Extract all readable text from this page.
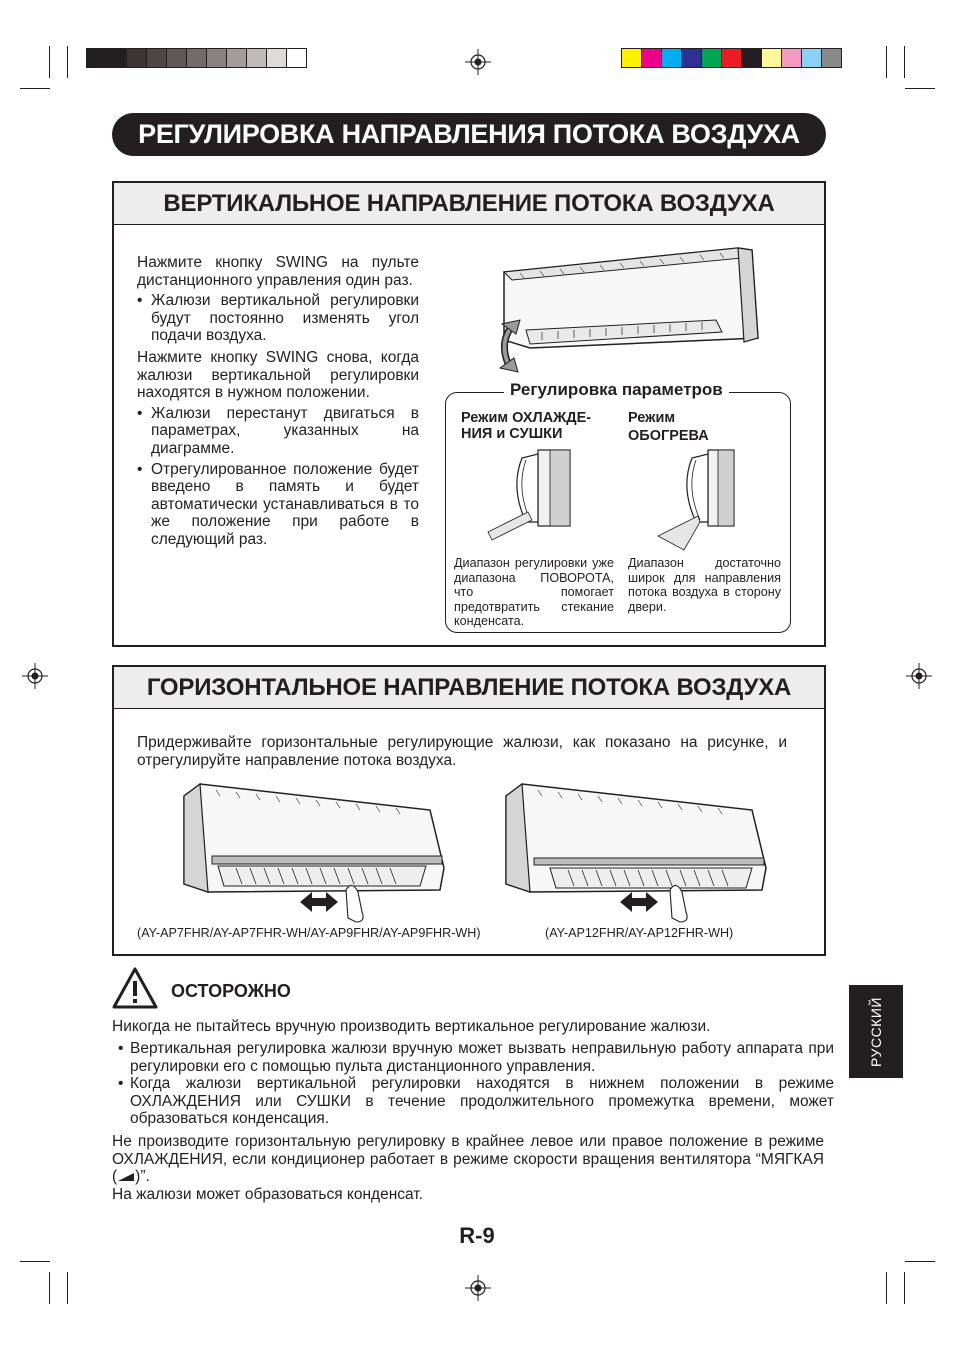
РЕГУЛИРОВКА НАПРАВЛЕНИЯ ПОТОКА ВОЗДУХА
ВЕРТИКАЛЬНОЕ НАПРАВЛЕНИЕ ПОТОКА ВОЗДУХА

Нажмите кнопку SWING на пульте дистанционного управления один раз.

• Жалюзи вертикальной регулировки будут постоянно изменять угол подачи воздуха.

Нажмите кнопку SWING снова, когда жалюзи вертикальной регулировки находятся в нужном положении.

• Жалюзи перестанут двигаться в параметрах, указанных на диаграмме.
• Отрегулированное положение будет введено в память и будет автоматически устанавливаться в то же положение при работе в следующий раз.
Регулировка параметров
Режим ОХЛАЖДЕ-
НИЯ и СУШКИ
Режим
ОБОГРЕВА
Диапазон регулировки уже диапазона ПОВОРОТА, что помогает предотвратить стекание конденсата.
Диапазон достаточно широк для направления потока воздуха в сторону двери.
ГОРИЗОНТАЛЬНОЕ НАПРАВЛЕНИЕ ПОТОКА ВОЗДУХА

Придерживайте горизонтальные регулирующие жалюзи, как показано на рисунке, и отрегулируйте направление потока воздуха.

(AY-AP7FHR/AY-AP7FHR-WH/AY-AP9FHR/AY-AP9FHR-WH)	(AY-AP12FHR/AY-AP12FHR-WH)
ОСТОРОЖНО
Никогда не пытайтесь вручную производить вертикальное регулирование жалюзи.
• Вертикальная регулировка жалюзи вручную может вызвать неправильную работу аппарата при регулировки его с помощью пульта дистанционного управления.
• Когда жалюзи вертикальной регулировки находятся в нижнем положении в режиме ОХЛАЖДЕНИЯ или СУШКИ в течение продолжительного промежутка времени, может образоваться конденсация.
Не производите горизонтальную регулировку в крайнее левое или правое положение в режиме ОХЛАЖДЕНИЯ, если кондиционер работает в режиме скорости вращения вентилятора “МЯГКАЯ ( )”.
На жалюзи может образоваться конденсат.
РУССКИЙ
R-9
